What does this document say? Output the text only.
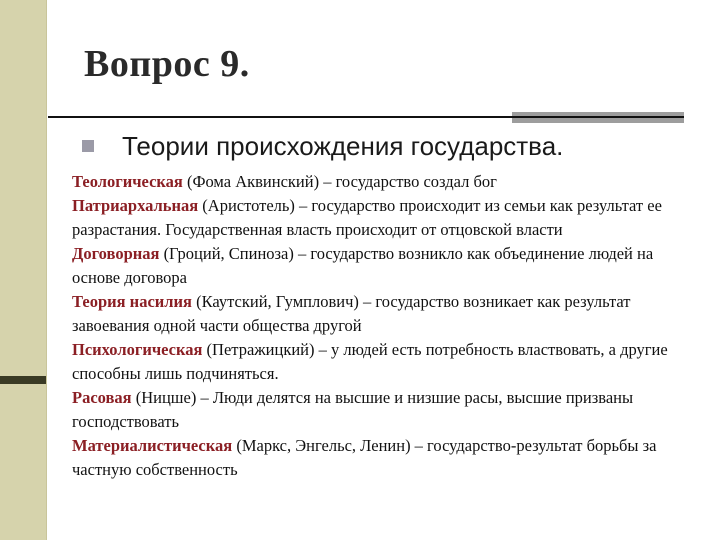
Вопрос 9.

Теории происхождения государства.

Теологическая (Фома Аквинский) – государство создал бог

Патриархальная (Аристотель) – государство происходит из семьи как результат ее разрастания. Государственная власть происходит от отцовской власти

Договорная (Гроций, Спиноза) – государство возникло как объединение людей на основе договора

Теория насилия (Каутский, Гумплович) – государство возникает как результат завоевания одной части общества другой

Психологическая (Петражицкий) – у людей есть потребность властвовать, а другие способны лишь подчиняться.

Расовая (Ницше) – Люди делятся на высшие и низшие расы, высшие призваны господствовать

Материалистическая (Маркс, Энгельс, Ленин) – государство-результат борьбы за частную собственность
